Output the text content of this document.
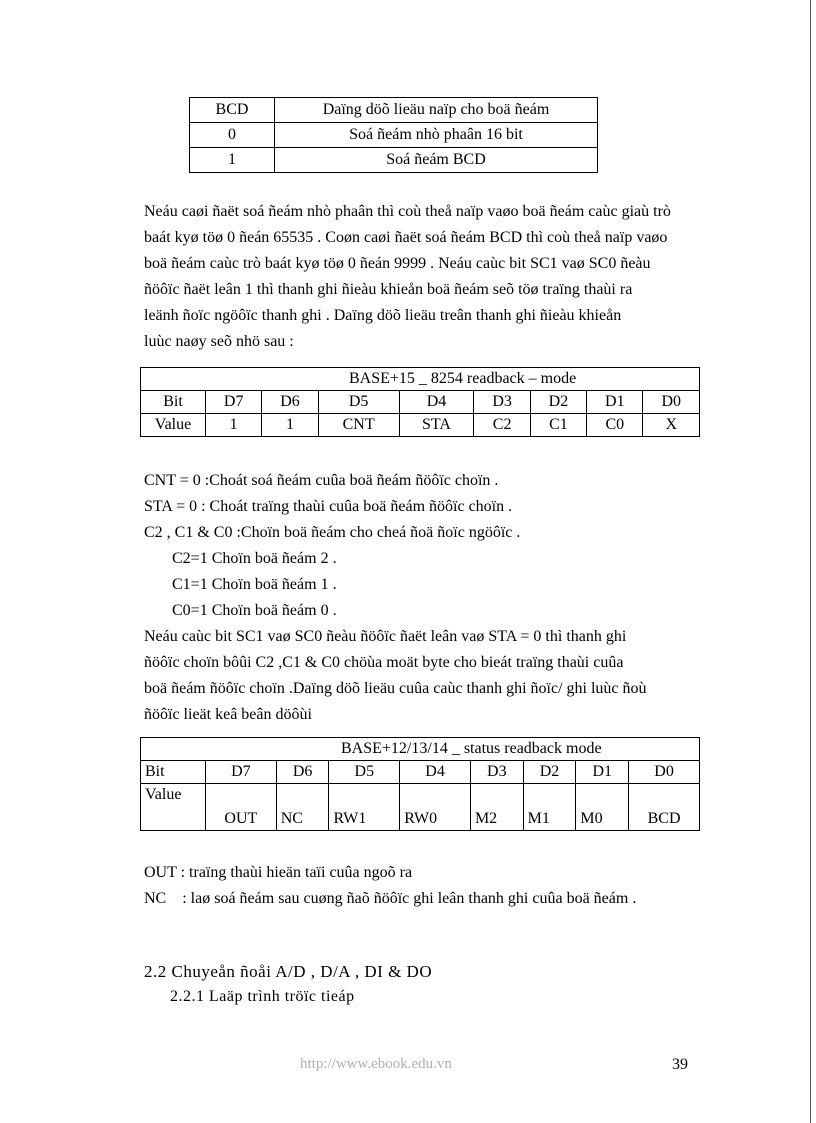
BCD	Daïng döõ lieäu naïp cho boä ñeám
0	Soá ñeám nhò phaân 16 bit
1	Soá ñeám BCD
Neáu caøi ñaët soá ñeám nhò phaân thì coù theå naïp vaøo boä ñeám caùc giaù trò
baát kyø töø 0 ñeán 65535 . Coøn caøi ñaët soá ñeám BCD thì coù theå naïp vaøo
boä ñeám caùc trò baát kyø töø 0 ñeán 9999 . Neáu caùc bit SC1 vaø SC0 ñeàu
ñöôïc ñaët leân 1 thì thanh ghi ñieàu khieån boä ñeám seõ töø traïng thaùi ra
leänh ñoïc ngöôïc thanh ghi . Daïng döõ lieäu treân thanh ghi ñieàu khieån
luùc naøy seõ nhö sau :
BASE+15 _ 8254 readback – mode								
Bit	D7	D6	D5	D4	D3	D2	D1	D0
Value	1	1	CNT	STA	C2	C1	C0	X
CNT = 0 :Choát soá ñeám cuûa boä ñeám ñöôïc choïn .
STA = 0 : Choát traïng thaùi cuûa boä ñeám ñöôïc choïn .
C2 , C1 & C0 :Choïn boä ñeám cho cheá ñoä ñoïc ngöôïc .
C2=1 Choïn boä ñeám 2 .
C1=1 Choïn boä ñeám 1 .
C0=1 Choïn boä ñeám 0 .
Neáu caùc bit SC1 vaø SC0 ñeàu ñöôïc ñaët leân vaø STA = 0 thì thanh ghi
ñöôïc choïn bôûi C2 ,C1 & C0 chöùa moät byte cho bieát traïng thaùi cuûa
boä ñeám ñöôïc choïn .Daïng döõ lieäu cuûa caùc thanh ghi ñoïc/ ghi luùc ñoù
ñöôïc lieät keâ beân döôùi
BASE+12/13/14 _ status readback mode								
Bit	D7	D6	D5	D4	D3	D2	D1	D0
Value	OUT	NC	RW1	RW0	M2	M1	M0	BCD
OUT : traïng thaùi hieän taïi cuûa ngoõ ra
NC    : laø soá ñeám sau cuøng ñaõ ñöôïc ghi leân thanh ghi cuûa boä ñeám .
2.2 Chuyeån ñoåi A/D , D/A , DI & DO
2.2.1 Laäp trình tröïc tieáp
http://www.ebook.edu.vn	39
